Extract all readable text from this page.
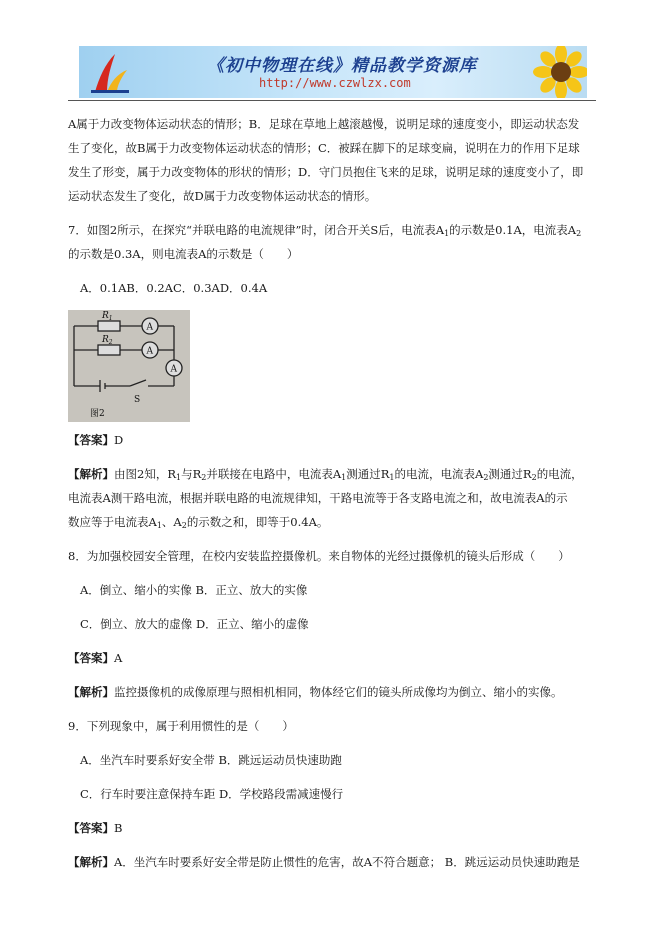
《初中物理在线》精品教学资源库
http://www.czwlzx.com

A属于力改变物体运动状态的情形；B．足球在草地上越滚越慢，说明足球的速度变小，即运动状态发

生了变化，故B属于力改变物体运动状态的情形；C．被踩在脚下的足球变扁，说明在力的作用下足球

发生了形变，属于力改变物体的形状的情形；D．守门员抱住飞来的足球，说明足球的速度变小了，即

运动状态发生了变化，故D属于力改变物体运动状态的情形。

7．如图2所示，在探究“并联电路的电流规律”时，闭合开关S后，电流表$A_1$的示数是0.1A，电流表$A_2$

的示数是0.3A，则电流表A的示数是（　　）

A．0.1AB．0.2AC．0.3AD．0.4A

$R_1$
$R_2$
A
A
A
S
图2

【答案】D

【解析】由图2知，$R_1$与$R_2$并联接在电路中，电流表$A_1$测通过$R_1$的电流，电流表$A_2$测通过$R_2$的电流，

电流表A测干路电流，根据并联电路的电流规律知，干路电流等于各支路电流之和，故电流表A的示

数应等于电流表$A_1$、$A_2$的示数之和，即等于0.4A。

8．为加强校园安全管理，在校内安装监控摄像机。来自物体的光经过摄像机的镜头后形成（　　）

A．倒立、缩小的实像 B．正立、放大的实像

C．倒立、放大的虚像 D．正立、缩小的虚像

【答案】A

【解析】监控摄像机的成像原理与照相机相同，物体经它们的镜头所成像均为倒立、缩小的实像。

9．下列现象中，属于利用惯性的是（　　）

A．坐汽车时要系好安全带 B．跳远运动员快速助跑

C．行车时要注意保持车距 D．学校路段需减速慢行

【答案】B

【解析】A．坐汽车时要系好安全带是防止惯性的危害，故A不符合题意； B．跳远运动员快速助跑是
